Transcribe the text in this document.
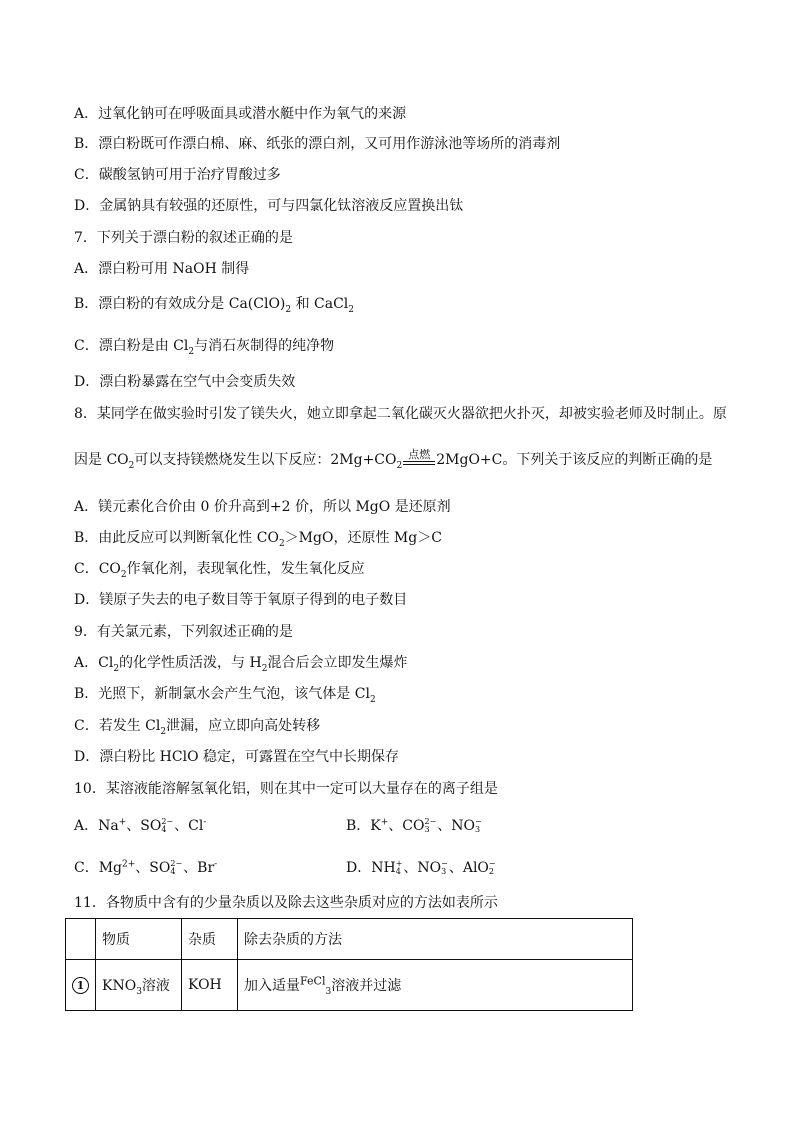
A．过氧化钠可在呼吸面具或潜水艇中作为氧气的来源
B．漂白粉既可作漂白棉、麻、纸张的漂白剂，又可用作游泳池等场所的消毒剂
C．碳酸氢钠可用于治疗胃酸过多
D．金属钠具有较强的还原性，可与四氯化钛溶液反应置换出钛
7．下列关于漂白粉的叙述正确的是
A．漂白粉可用 NaOH 制得
B．漂白粉的有效成分是 $Ca(ClO)_2$ 和 CaCl$_2$
C．漂白粉是由 $Cl_2$与消石灰制得的纯净物
D．漂白粉暴露在空气中会变质失效
8．某同学在做实验时引发了镁失火，她立即拿起二氧化碳灭火器欲把火扑灭，却被实验老师及时制止。原
因是 $CO_2$可以支持镁燃烧发生以下反应：$2Mg+CO_2$
点燃 2MgO+C。下列关于该反应的判断正确的是
A．镁元素化合价由 0 价升高到+2 价，所以 MgO 是还原剂
B．由此反应可以判断氧化性 $CO_2>MgO$，还原性 Mg＞C
C．$CO_2$作氧化剂，表现氧化性，发生氧化反应
D．镁原子失去的电子数目等于氧原子得到的电子数目
9．有关氯元素，下列叙述正确的是
A．$Cl_2$的化学性质活泼，与 $H_2$混合后会立即发生爆炸
B．光照下，新制氯水会产生气泡，该气体是 $Cl_2$
C．若发生 $Cl_2$泄漏，应立即向高处转移
D．漂白粉比 HClO 稳定，可露置在空气中长期保存
10．某溶液能溶解氢氧化铝，则在其中一定可以大量存在的离子组是
A．Na+、SO 2−
4 、Cl-	B．K+、CO 2−
3 、NO −
3
C．$Mg^{2+}$、SO 2−
4 、Br-	D．NH +
4 、NO −
3 、AlO −
2
11．各物质中含有的少量杂质以及除去这些杂质对应的方法如表所示
	物质	杂质	除去杂质的方法
1	$KNO_3$溶液	KOH	加入适量$^{FeCl}_3$溶液并过滤
